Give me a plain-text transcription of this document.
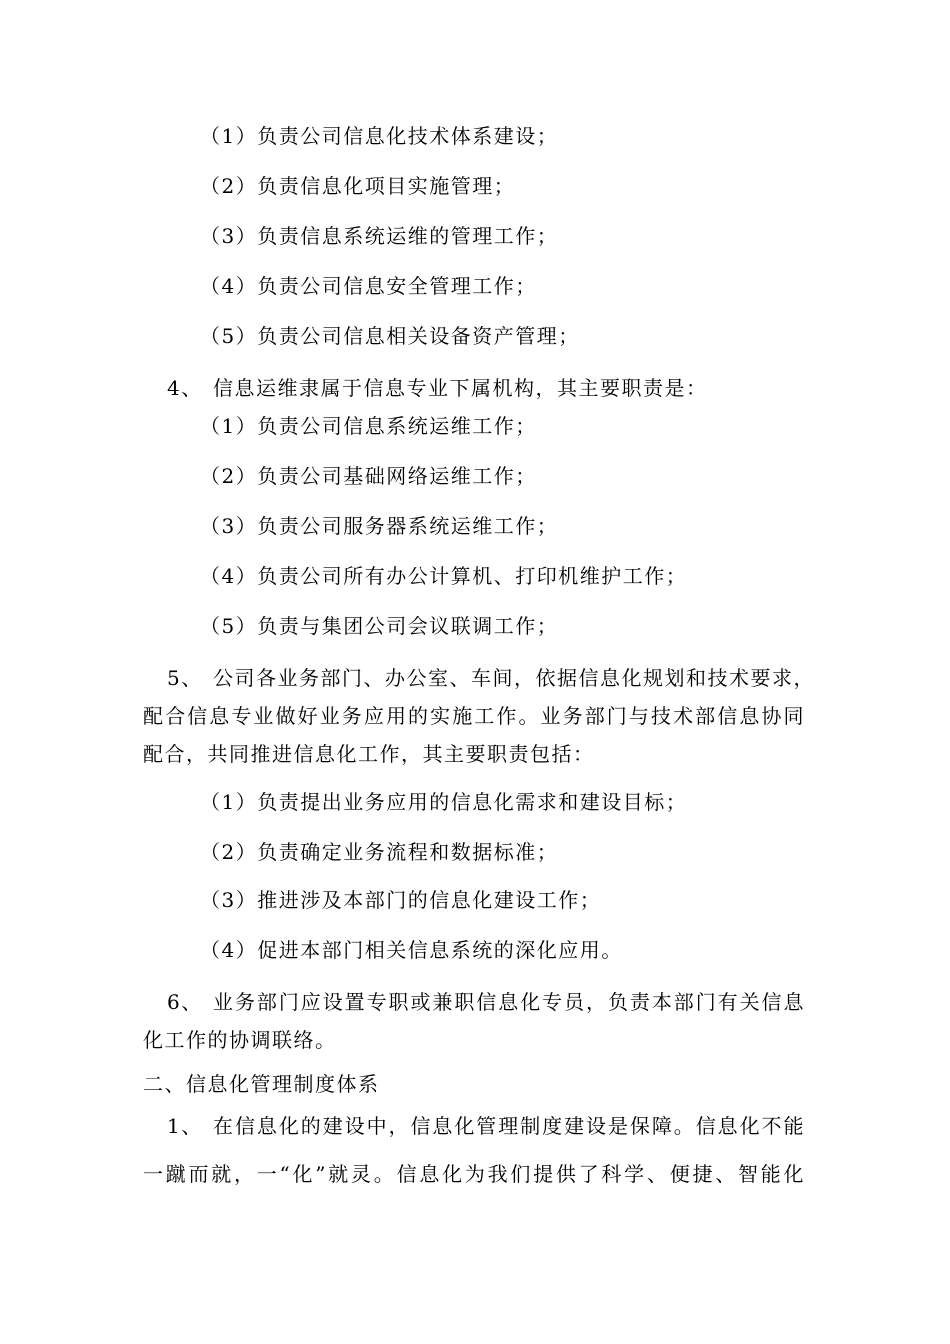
（1）负责公司信息化技术体系建设；
（2）负责信息化项目实施管理；
（3）负责信息系统运维的管理工作；
（4）负责公司信息安全管理工作；
（5）负责公司信息相关设备资产管理；
4、 信息运维隶属于信息专业下属机构，其主要职责是：
（1）负责公司信息系统运维工作；
（2）负责公司基础网络运维工作；
（3）负责公司服务器系统运维工作；
（4）负责公司所有办公计算机、打印机维护工作；
（5）负责与集团公司会议联调工作；
5、 公司各业务部门、办公室、车间，依据信息化规划和技术要求，
配合信息专业做好业务应用的实施工作。业务部门与技术部信息协同
配合，共同推进信息化工作，其主要职责包括：
（1）负责提出业务应用的信息化需求和建设目标；
（2）负责确定业务流程和数据标准；
（3）推进涉及本部门的信息化建设工作；
（4）促进本部门相关信息系统的深化应用。
6、 业务部门应设置专职或兼职信息化专员，负责本部门有关信息
化工作的协调联络。
二、信息化管理制度体系
1、 在信息化的建设中，信息化管理制度建设是保障。信息化不能
一蹴而就，一“化”就灵。信息化为我们提供了科学、便捷、智能化
